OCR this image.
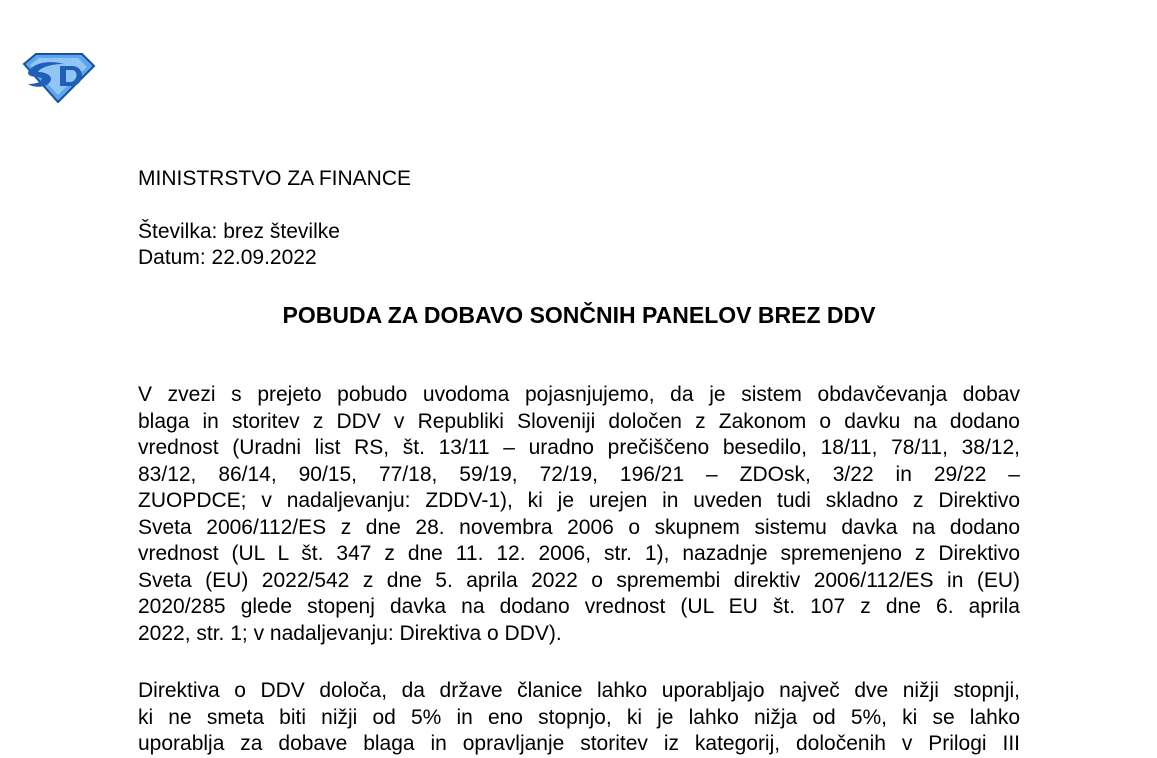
MINISTRSTVO ZA FINANCE
Številka: brez številke
Datum: 22.09.2022
POBUDA ZA DOBAVO SONČNIH PANELOV BREZ DDV
V zvezi s prejeto pobudo uvodoma pojasnjujemo, da je sistem obdavčevanja dobav
blaga in storitev z DDV v Republiki Sloveniji določen z Zakonom o davku na dodano
vrednost (Uradni list RS, št. 13/11 – uradno prečiščeno besedilo, 18/11, 78/11, 38/12,
83/12, 86/14, 90/15, 77/18, 59/19, 72/19, 196/21 – ZDOsk, 3/22 in 29/22 –
ZUOPDCE; v nadaljevanju: ZDDV-1), ki je urejen in uveden tudi skladno z Direktivo
Sveta 2006/112/ES z dne 28. novembra 2006 o skupnem sistemu davka na dodano
vrednost (UL L št. 347 z dne 11. 12. 2006, str. 1), nazadnje spremenjeno z Direktivo
Sveta (EU) 2022/542 z dne 5. aprila 2022 o spremembi direktiv 2006/112/ES in (EU)
2020/285 glede stopenj davka na dodano vrednost (UL EU št. 107 z dne 6. aprila
2022, str. 1; v nadaljevanju: Direktiva o DDV).
Direktiva o DDV določa, da države članice lahko uporabljajo največ dve nižji stopnji,
ki ne smeta biti nižji od 5% in eno stopnjo, ki je lahko nižja od 5%, ki se lahko
uporablja za dobave blaga in opravljanje storitev iz kategorij, določenih v Prilogi III
